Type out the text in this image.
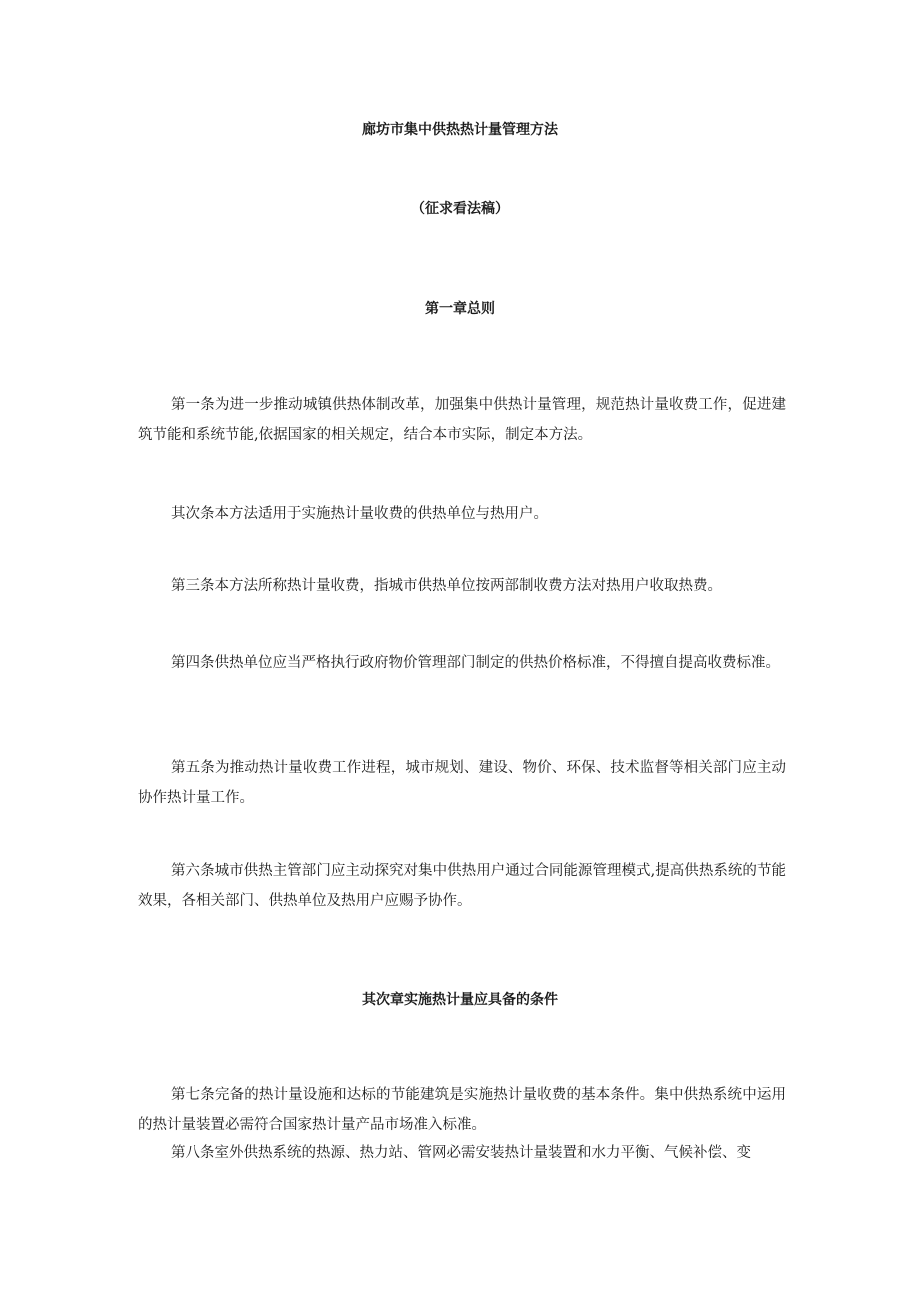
廊坊市集中供热热计量管理方法
（征求看法稿）
第一章总则

第一条为进一步推动城镇供热体制改革，加强集中供热计量管理，规范热计量收费工作，促进建筑节能和系统节能,依据国家的相关规定，结合本市实际，制定本方法。

其次条本方法适用于实施热计量收费的供热单位与热用户。

第三条本方法所称热计量收费，指城市供热单位按两部制收费方法对热用户收取热费。

第四条供热单位应当严格执行政府物价管理部门制定的供热价格标准，不得擅自提高收费标准。

第五条为推动热计量收费工作进程，城市规划、建设、物价、环保、技术监督等相关部门应主动协作热计量工作。

第六条城市供热主管部门应主动探究对集中供热用户通过合同能源管理模式,提高供热系统的节能效果，各相关部门、供热单位及热用户应赐予协作。

其次章实施热计量应具备的条件

第七条完备的热计量设施和达标的节能建筑是实施热计量收费的基本条件。集中供热系统中运用的热计量装置必需符合国家热计量产品市场准入标准。

第八条室外供热系统的热源、热力站、管网必需安装热计量装置和水力平衡、气候补偿、变
